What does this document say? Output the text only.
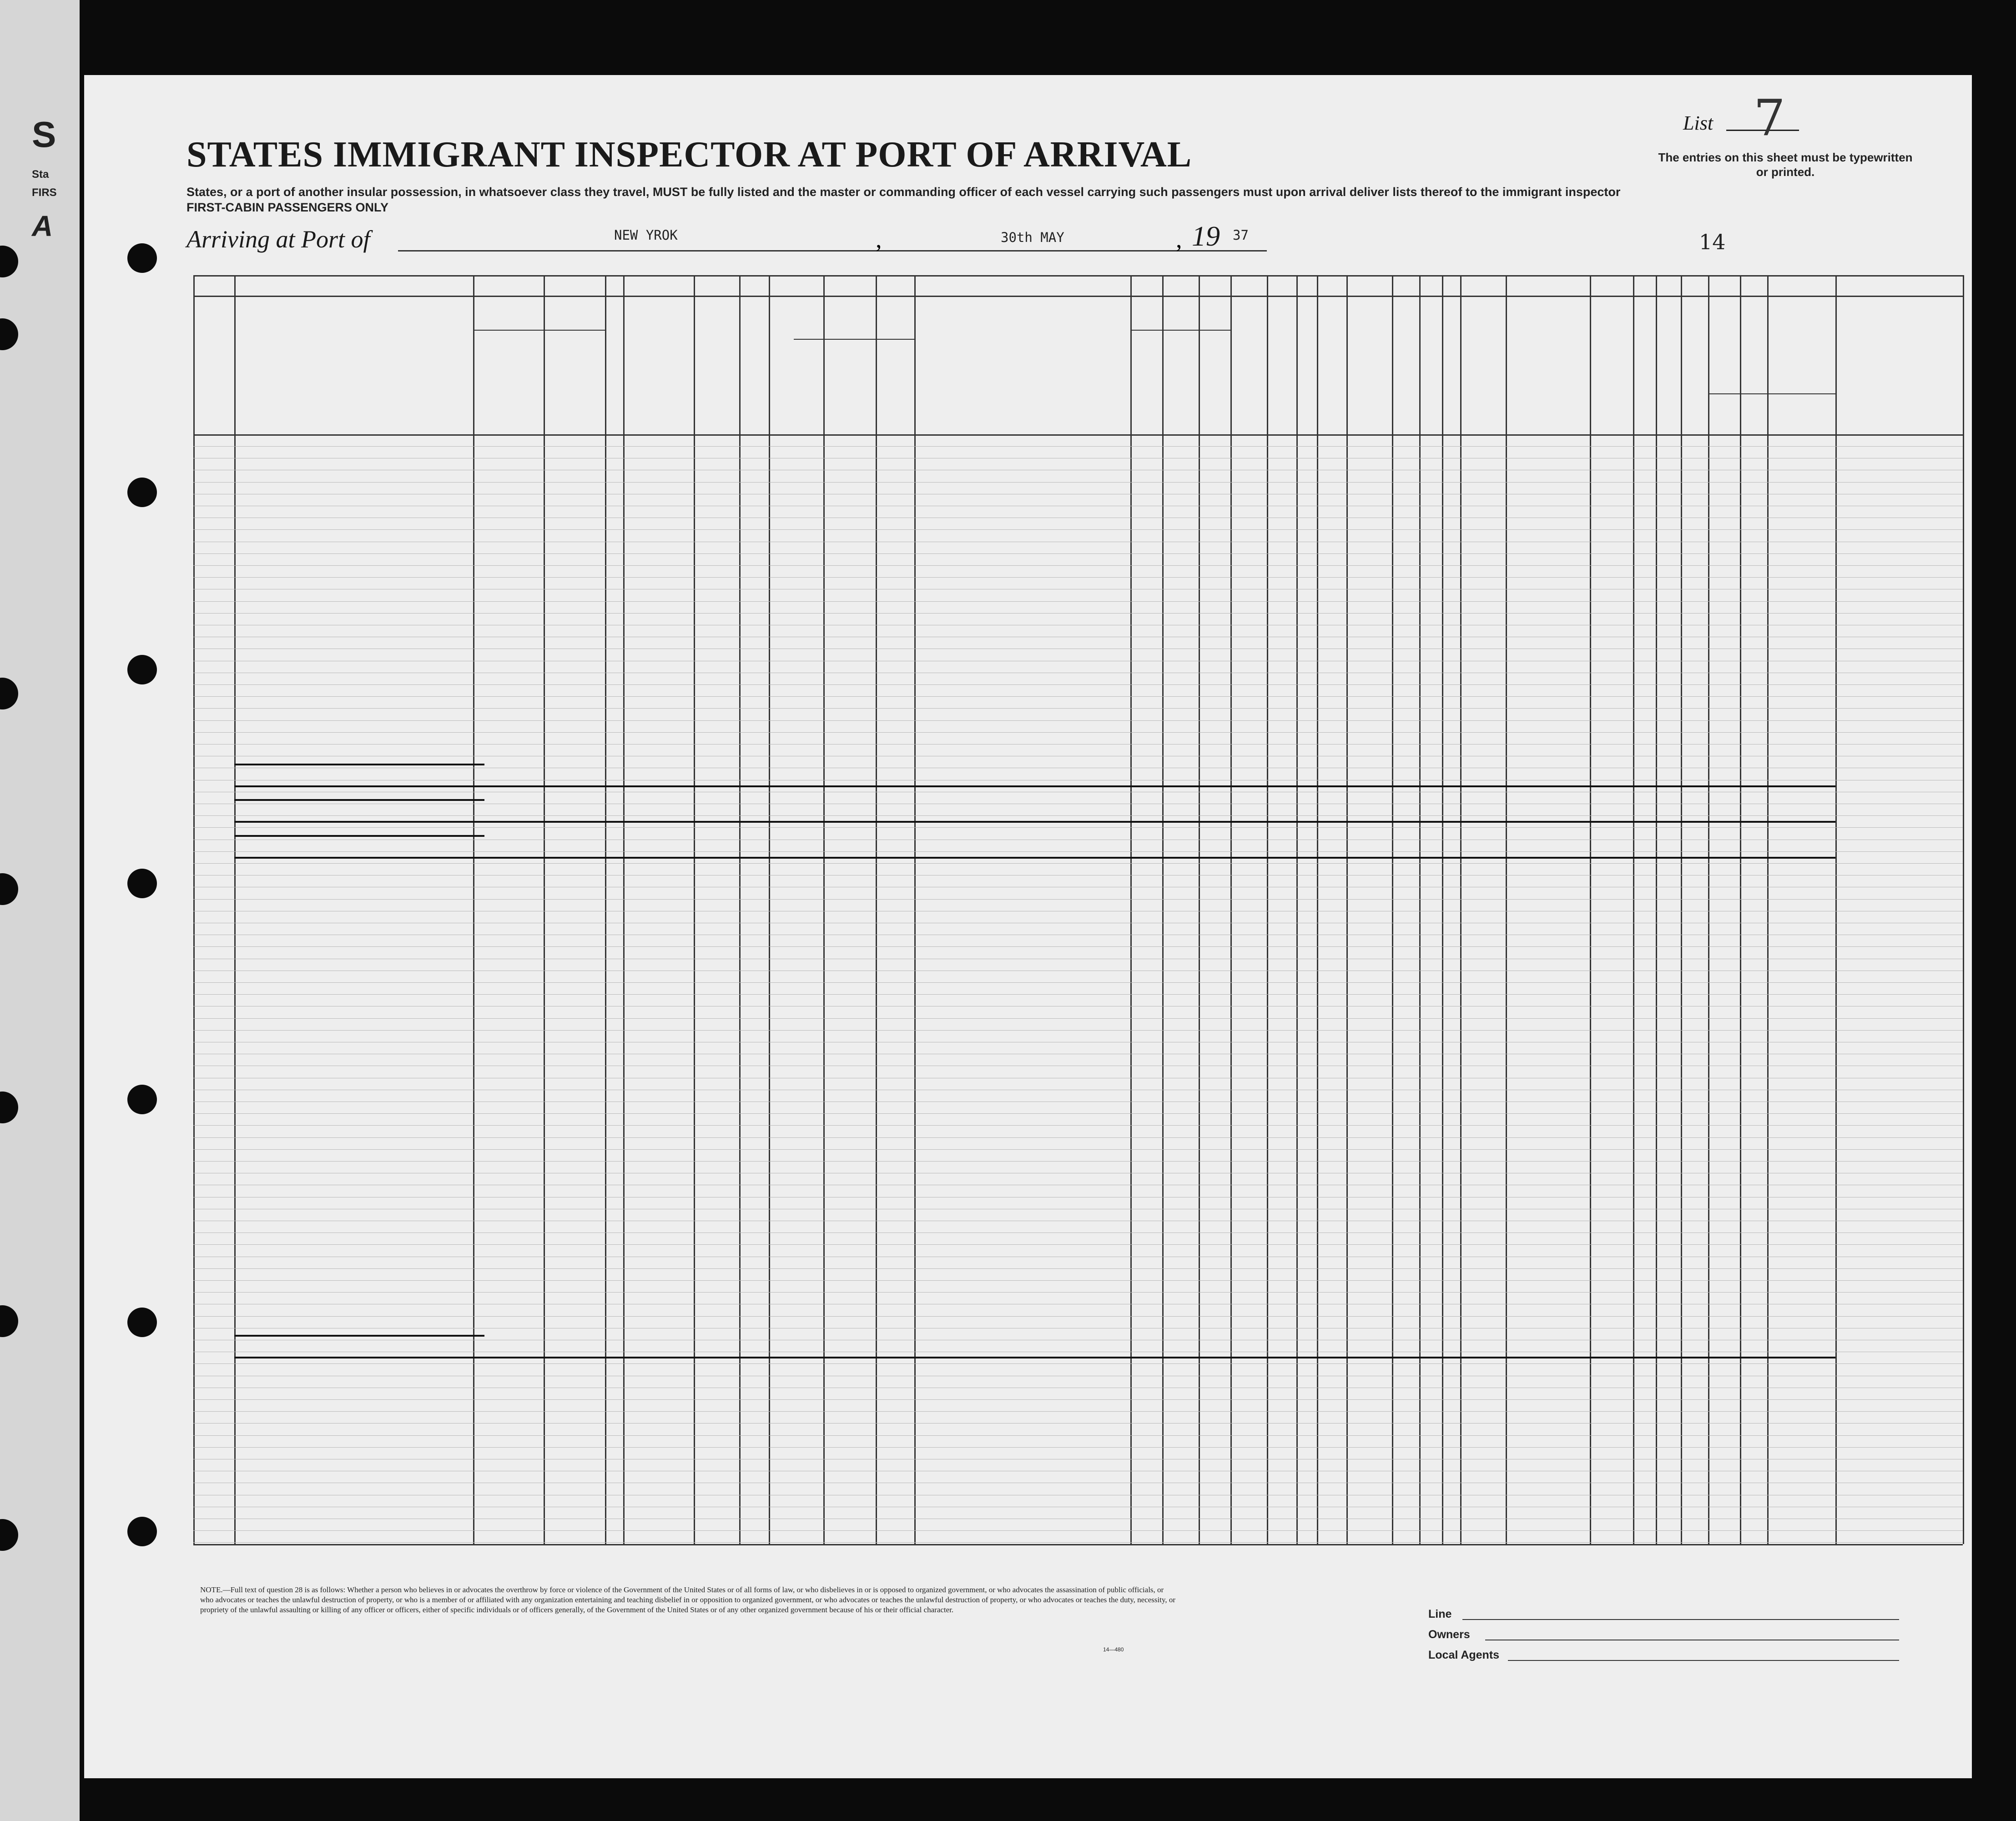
S
Sta
FIRS
A
STATES IMMIGRANT INSPECTOR AT PORT OF ARRIVAL
List 7
The entries on this sheet must be typewritten or printed.
States, or a port of another insular possession, in whatsoever class they travel, MUST be fully listed and the master or commanding officer of each vessel carrying such passengers must upon arrival deliver lists thereof to the immigrant inspector
FIRST-CABIN PASSENGERS ONLY
Arriving at Port of	NEW YROK	,	30th MAY	, 19 37	14
NOTE.—Full text of question 28 is as follows: Whether a person who believes in or advocates the overthrow by force or violence of the Government of the United States or of all forms of law, or who disbelieves in or is opposed to organized government, or who advocates the assassination of public officials, or who advocates or teaches the unlawful destruction of property, or who is a member of or affiliated with any organization entertaining and teaching disbelief in or opposition to organized government, or who advocates or teaches the unlawful destruction of property, or who advocates or teaches the duty, necessity, or propriety of the unlawful assaulting or killing of any officer or officers, either of specific individuals or of officers generally, of the Government of the United States or of any other organized government because of his or their official character.
14—480
Line
Owners
Local Agents
